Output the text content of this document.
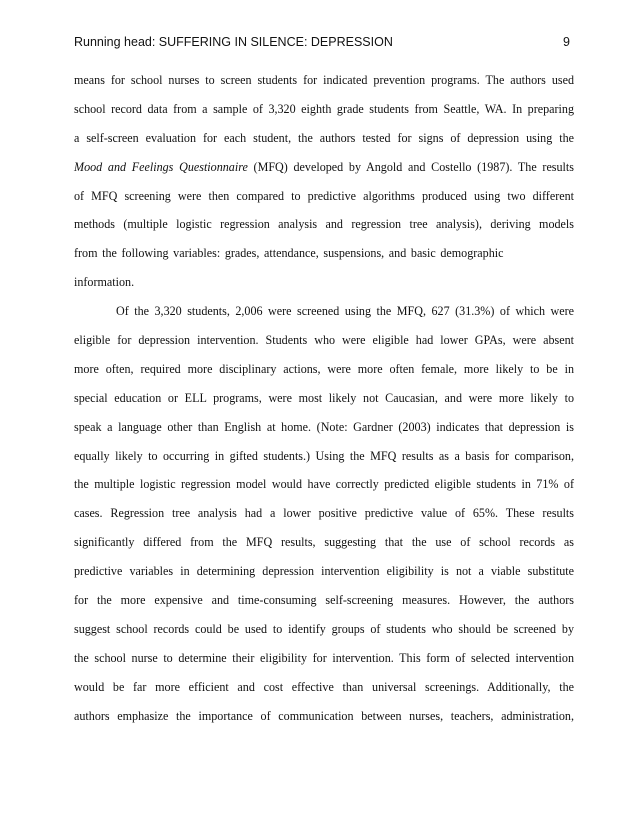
Running head: SUFFERING IN SILENCE: DEPRESSION	9
means for school nurses to screen students for indicated prevention programs. The authors used
school record data from a sample of 3,320 eighth grade students from Seattle, WA. In preparing
a self-screen evaluation for each student, the authors tested for signs of depression using the
Mood and Feelings Questionnaire (MFQ) developed by Angold and Costello (1987). The results
of MFQ screening were then compared to predictive algorithms produced using two different
methods (multiple logistic regression analysis and regression tree analysis), deriving models
from the following variables: grades, attendance, suspensions, and basic demographic
information.
Of the 3,320 students, 2,006 were screened using the MFQ, 627 (31.3%) of which were
eligible for depression intervention. Students who were eligible had lower GPAs, were absent
more often, required more disciplinary actions, were more often female, more likely to be in
special education or ELL programs, were most likely not Caucasian, and were more likely to
speak a language other than English at home. (Note: Gardner (2003) indicates that depression is
equally likely to occurring in gifted students.) Using the MFQ results as a basis for comparison,
the multiple logistic regression model would have correctly predicted eligible students in 71% of
cases. Regression tree analysis had a lower positive predictive value of 65%. These results
significantly differed from the MFQ results, suggesting that the use of school records as
predictive variables in determining depression intervention eligibility is not a viable substitute
for the more expensive and time-consuming self-screening measures. However, the authors
suggest school records could be used to identify groups of students who should be screened by
the school nurse to determine their eligibility for intervention. This form of selected intervention
would be far more efficient and cost effective than universal screenings. Additionally, the
authors emphasize the importance of communication between nurses, teachers, administration,
